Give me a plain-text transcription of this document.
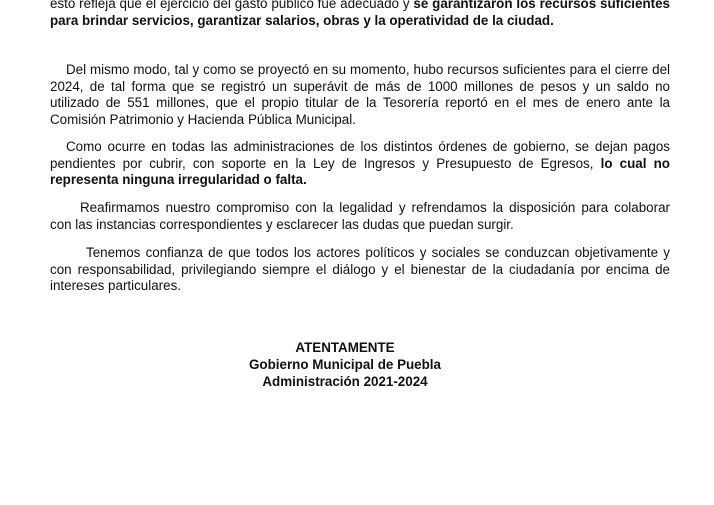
esto refleja que el ejercicio del gasto público fue adecuado y se garantizaron los recursos suficientes para brindar servicios, garantizar salarios, obras y la operatividad de la ciudad.

Del mismo modo, tal y como se proyectó en su momento, hubo recursos suficientes para el cierre del 2024, de tal forma que se registró un superávit de más de 1000 millones de pesos y un saldo no utilizado de 551 millones, que el propio titular de la Tesorería reportó en el mes de enero ante la Comisión Patrimonio y Hacienda Pública Municipal.

Como ocurre en todas las administraciones de los distintos órdenes de gobierno, se dejan pagos pendientes por cubrir, con soporte en la Ley de Ingresos y Presupuesto de Egresos, lo cual no representa ninguna irregularidad o falta.

Reafirmamos nuestro compromiso con la legalidad y refrendamos la disposición para colaborar con las instancias correspondientes y esclarecer las dudas que puedan surgir.

Tenemos confianza de que todos los actores políticos y sociales se conduzcan objetivamente y con responsabilidad, privilegiando siempre el diálogo y el bienestar de la ciudadanía por encima de intereses particulares.

ATENTAMENTE
Gobierno Municipal de Puebla
Administración 2021-2024
